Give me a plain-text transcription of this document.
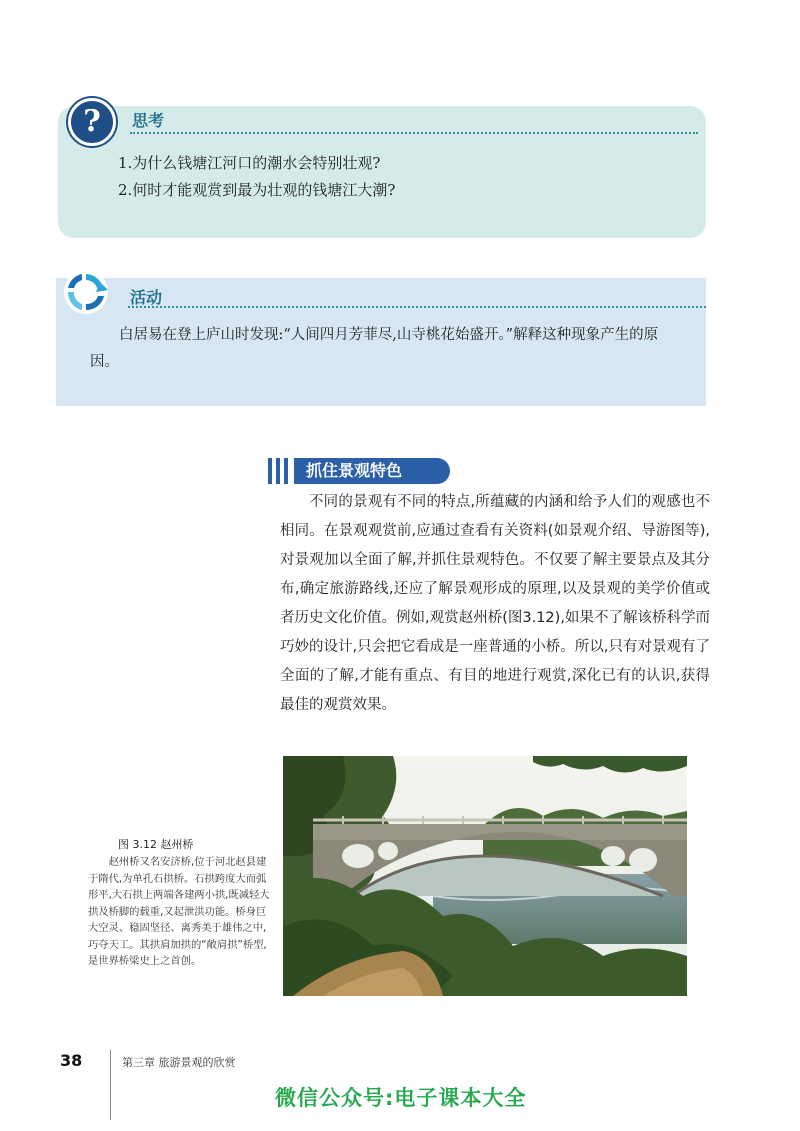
?	思考
1.为什么钱塘江河口的潮水会特别壮观?
2.何时才能观赏到最为壮观的钱塘江大潮?
活动

白居易在登上庐山时发现:“人间四月芳菲尽,山寺桃花始盛开。”解释这种现象产生的原因。

抓住景观特色

不同的景观有不同的特点,所蕴藏的内涵和给予人们的观感也不相同。在景观观赏前,应通过查看有关资料(如景观介绍、导游图等),对景观加以全面了解,并抓住景观特色。不仅要了解主要景点及其分布,确定旅游路线,还应了解景观形成的原理,以及景观的美学价值或者历史文化价值。例如,观赏赵州桥(图3.12),如果不了解该桥科学而巧妙的设计,只会把它看成是一座普通的小桥。所以,只有对景观有了全面的了解,才能有重点、有目的地进行观赏,深化已有的认识,获得最佳的观赏效果。

图 3.12 赵州桥

赵州桥又名安济桥,位于河北赵县建于隋代,为单孔石拱桥。石拱跨度大而弧形平,大石拱上两端各建两小拱,既减轻大拱及桥脚的载重,又起泄洪功能。桥身巨大空灵、稳固坚径、离秀美于雄伟之中,巧夺天工。其拱肩加拱的“敞肩拱”桥型,是世界桥梁史上之首创。

38	第三章 旅游景观的欣赏
微信公众号:电子课本大全
